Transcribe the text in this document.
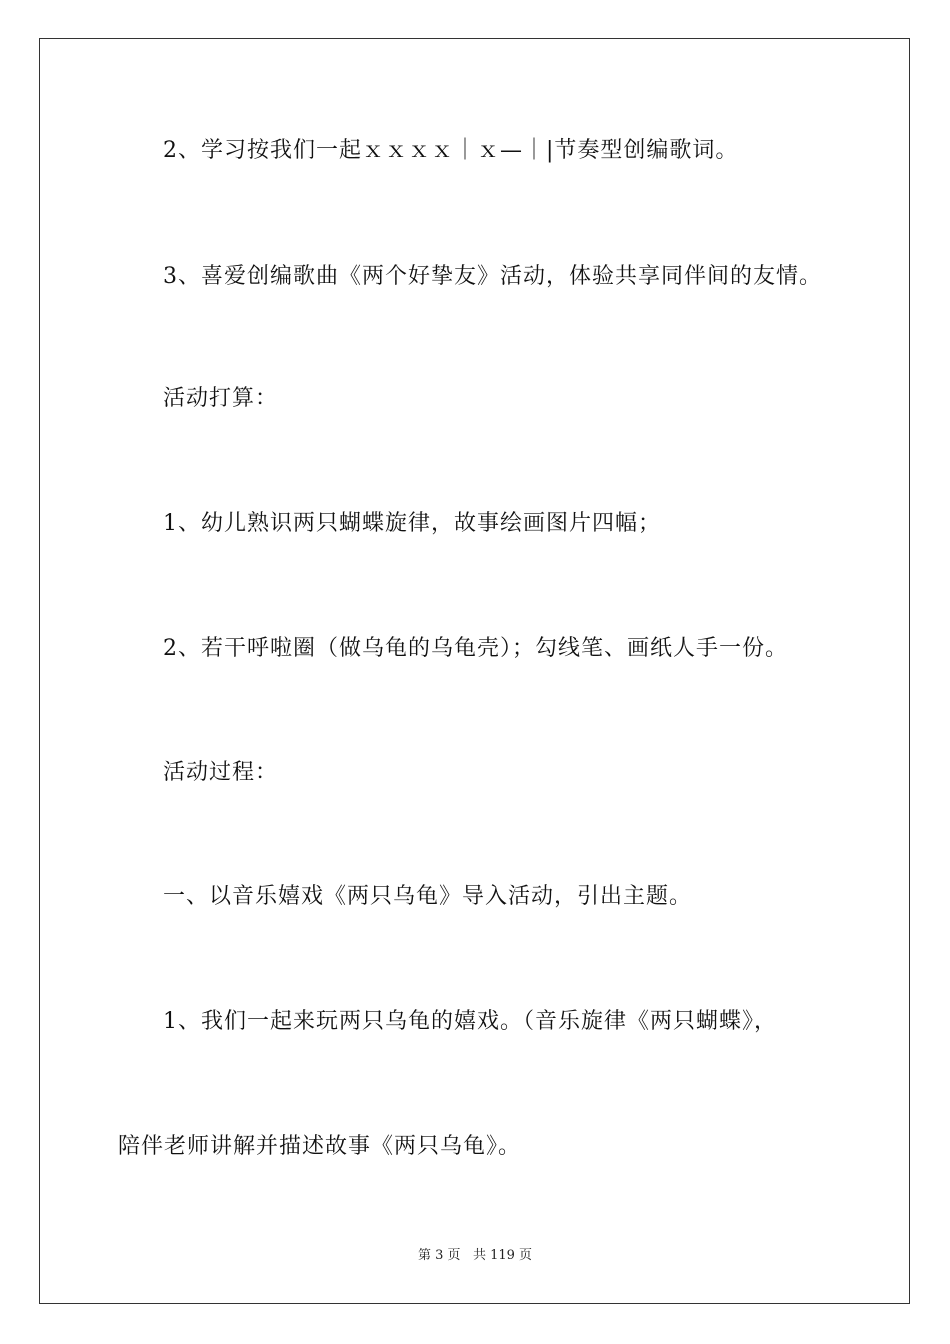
2、学习按我们一起ｘｘｘｘ｜ｘ—｜|节奏型创编歌词。
3、喜爱创编歌曲《两个好挚友》活动，体验共享同伴间的友情。
活动打算：
1、幼儿熟识两只蝴蝶旋律，故事绘画图片四幅；
2、若干呼啦圈（做乌龟的乌龟壳）；勾线笔、画纸人手一份。
活动过程：
一、以音乐嬉戏《两只乌龟》导入活动，引出主题。
1、我们一起来玩两只乌龟的嬉戏。（音乐旋律《两只蝴蝶》，
陪伴老师讲解并描述故事《两只乌龟》。
第 3 页 共 119 页
